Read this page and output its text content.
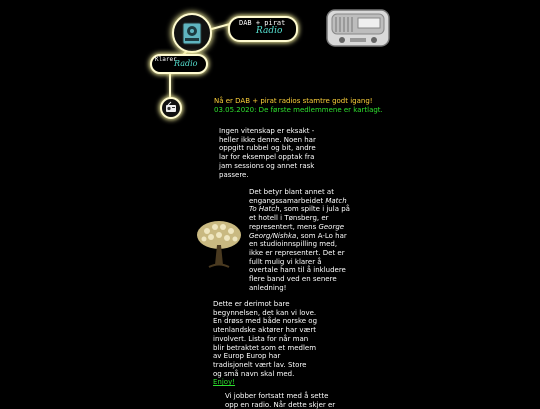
DAB + pirat
Radio
Klarer
Radio
Nå er DAB + pirat radios stamtre godt igang!
03.05.2020: De første medlemmene er kartlagt.
Ingen vitenskap er eksakt - heller ikke denne. Noen har oppgitt rubbel og bit, andre lar for eksempel opptak fra jam sessions og annet rask passere.
Det betyr blant annet at engangssamarbeidet Match To Hatch, som spilte i jula på et hotell i Tønsberg, er representert, mens George Georg/Nishka, som A-Lo har en studioinnspilling med, ikke er representert. Det er fullt mulig vi klarer å overtale ham til å inkludere flere band ved en senere anledning!
Dette er derimot bare begynnelsen, det kan vi love. En drøss med både norske og utenlandske aktører har vært involvert. Lista for når man blir betraktet som et medlem av Europ Europ har tradisjonelt vært lav. Store og små navn skal med. Enjoy!
Vi jobber fortsatt med å sette opp en radio. Når dette skjer er
